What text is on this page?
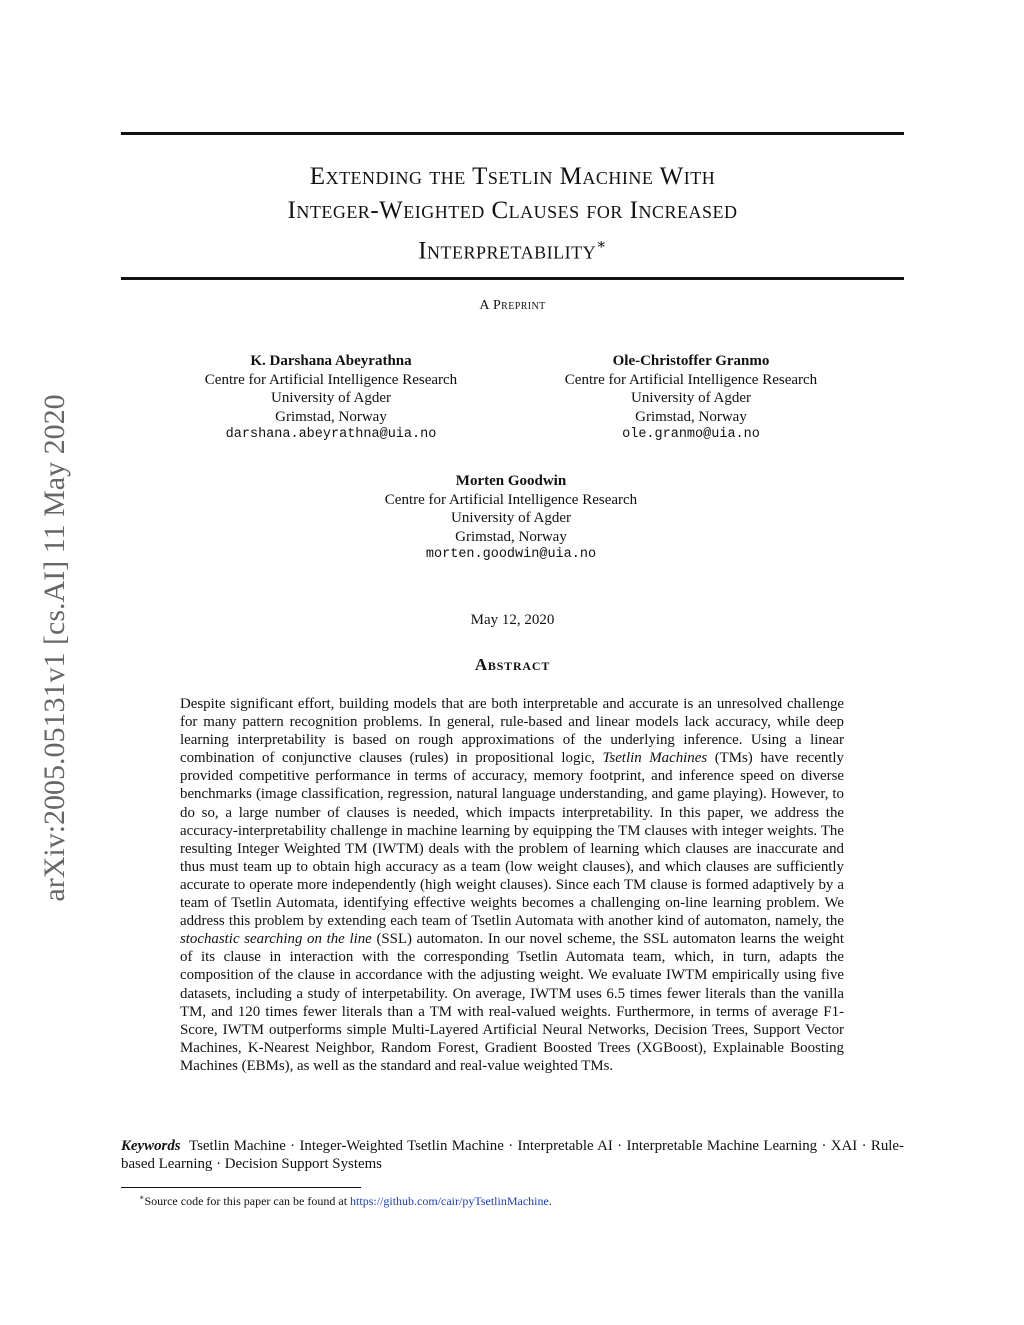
arXiv:2005.05131v1 [cs.AI] 11 May 2020
Extending the Tsetlin Machine With
Integer-Weighted Clauses for Increased
Interpretability∗
A Preprint
K. Darshana Abeyrathna
Centre for Artificial Intelligence Research
University of Agder
Grimstad, Norway
darshana.abeyrathna@uia.no
Ole-Christoffer Granmo
Centre for Artificial Intelligence Research
University of Agder
Grimstad, Norway
ole.granmo@uia.no
Morten Goodwin
Centre for Artificial Intelligence Research
University of Agder
Grimstad, Norway
morten.goodwin@uia.no
May 12, 2020
Abstract
Despite significant effort, building models that are both interpretable and accurate is an unresolved challenge for many pattern recognition problems. In general, rule-based and linear models lack accuracy, while deep learning interpretability is based on rough approximations of the underlying inference. Using a linear combination of conjunctive clauses (rules) in propositional logic, Tsetlin Machines (TMs) have recently provided competitive performance in terms of accuracy, memory footprint, and inference speed on diverse benchmarks (image classification, regression, natural language understanding, and game playing). However, to do so, a large number of clauses is needed, which impacts interpretability. In this paper, we address the accuracy-interpretability challenge in machine learning by equipping the TM clauses with integer weights. The resulting Integer Weighted TM (IWTM) deals with the problem of learning which clauses are inaccurate and thus must team up to obtain high accuracy as a team (low weight clauses), and which clauses are sufficiently accurate to operate more independently (high weight clauses). Since each TM clause is formed adaptively by a team of Tsetlin Automata, identifying effective weights becomes a challenging on-line learning problem. We address this problem by extending each team of Tsetlin Automata with another kind of automaton, namely, the stochastic searching on the line (SSL) automaton. In our novel scheme, the SSL automaton learns the weight of its clause in interaction with the corresponding Tsetlin Automata team, which, in turn, adapts the composition of the clause in accordance with the adjusting weight. We evaluate IWTM empirically using five datasets, including a study of interpetability. On average, IWTM uses 6.5 times fewer literals than the vanilla TM, and 120 times fewer literals than a TM with real-valued weights. Furthermore, in terms of average F1-Score, IWTM outperforms simple Multi-Layered Artificial Neural Networks, Decision Trees, Support Vector Machines, K-Nearest Neighbor, Random Forest, Gradient Boosted Trees (XGBoost), Explainable Boosting Machines (EBMs), as well as the standard and real-value weighted TMs.
Keywords Tsetlin Machine · Integer-Weighted Tsetlin Machine · Interpretable AI · Interpretable Machine Learning · XAI · Rule-based Learning · Decision Support Systems
∗Source code for this paper can be found at https://github.com/cair/pyTsetlinMachine.
